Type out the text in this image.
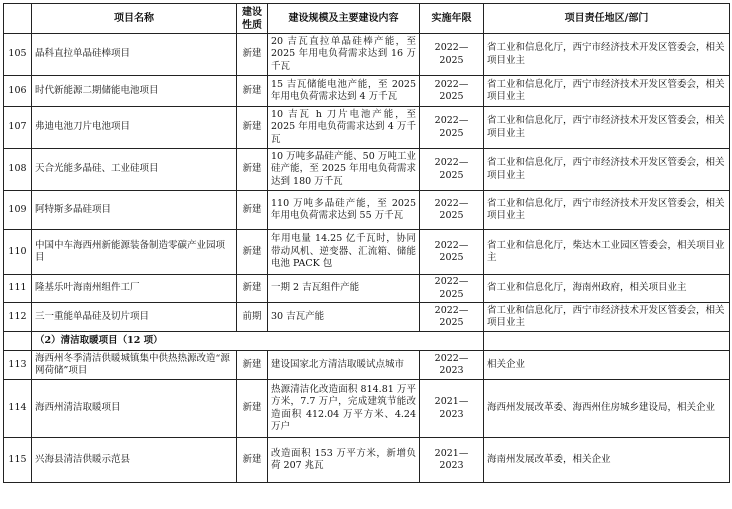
	项目名称	建设性质	建设规模及主要建设内容	实施年限	项目责任地区/部门
105	晶科直拉单晶硅棒项目	新建	20 吉瓦直拉单晶硅棒产能，至 2025 年用电负荷需求达到 16 万千瓦	2022—2025	省工业和信息化厅，西宁市经济技术开发区管委会，相关项目业主
106	时代新能源二期储能电池项目	新建	15 吉瓦储能电池产能，至 2025 年用电负荷需求达到 4 万千瓦	2022—2025	省工业和信息化厅，西宁市经济技术开发区管委会，相关项目业主
107	弗迪电池刀片电池项目	新建	10 吉瓦 h 刀片电池产能，至 2025 年用电负荷需求达到 4 万千瓦	2022—2025	省工业和信息化厅，西宁市经济技术开发区管委会，相关项目业主
108	天合光能多晶硅、工业硅项目	新建	10 万吨多晶硅产能、50 万吨工业硅产能，至 2025 年用电负荷需求达到 180 万千瓦	2022—2025	省工业和信息化厅，西宁市经济技术开发区管委会，相关项目业主
109	阿特斯多晶硅项目	新建	110 万吨多晶硅产能，至 2025 年用电负荷需求达到 55 万千瓦	2022—2025	省工业和信息化厅，西宁市经济技术开发区管委会，相关项目业主
110	中国中车海西州新能源装备制造零碳产业园项目	新建	年用电量 14.25 亿千瓦时，协同带动风机、逆变器、汇流箱、储能电池 PACK 包	2022—2025	省工业和信息化厅，柴达木工业园区管委会，相关项目业主
111	隆基乐叶海南州组件工厂	新建	一期 2 吉瓦组件产能	2022—2025	省工业和信息化厅，海南州政府，相关项目业主
112	三一重能单晶硅及切片项目	前期	30 吉瓦产能	2022—2025	省工业和信息化厅，西宁市经济技术开发区管委会，相关项目业主
	（2）清洁取暖项目（12 项）				
113	海西州冬季清洁供暖城镇集中供热热源改造“源网荷储”项目	新建	建设国家北方清洁取暖试点城市	2022—2023	相关企业
114	海西州清洁取暖项目	新建	热源清洁化改造面积 814.81 万平方米，7.7 万户，完成建筑节能改造面积 412.04 万平方米、4.24 万户	2021—2023	海西州发展改革委、海西州住房城乡建设局，相关企业
115	兴海县清洁供暖示范县	新建	改造面积 153 万平方米，新增负荷 207 兆瓦	2021—2023	海南州发展改革委，相关企业
